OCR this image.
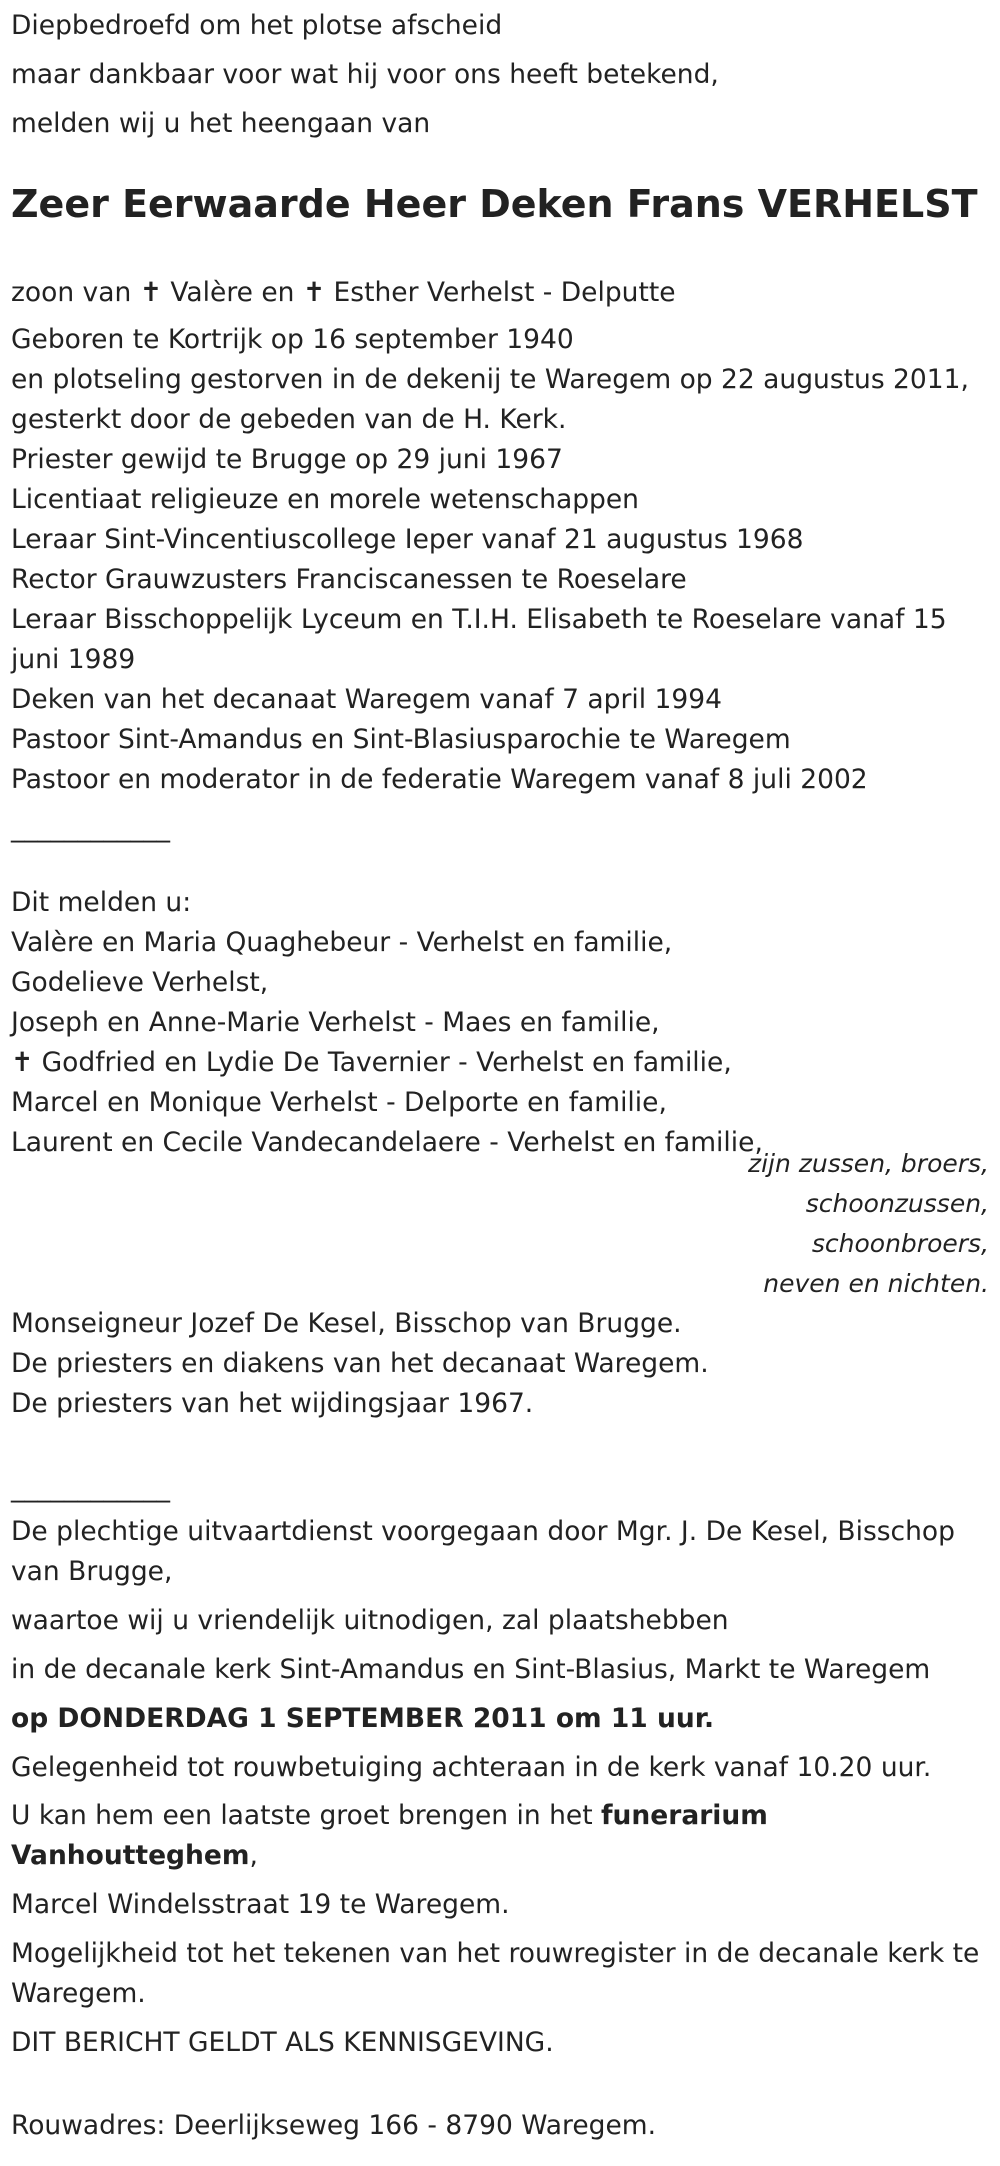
Diepbedroefd om het plotse afscheid
maar dankbaar voor wat hij voor ons heeft betekend,
melden wij u het heengaan van
Zeer Eerwaarde Heer Deken Frans VERHELST
zoon van ✝ Valère en ✝ Esther Verhelst - Delputte
Geboren te Kortrijk op 16 september 1940
en plotseling gestorven in de dekenij te Waregem op 22 augustus 2011,
gesterkt door de gebeden van de H. Kerk.
Priester gewijd te Brugge op 29 juni 1967
Licentiaat religieuze en morele wetenschappen
Leraar Sint-Vincentiuscollege Ieper vanaf 21 augustus 1968
Rector Grauwzusters Franciscanessen te Roeselare
Leraar Bisschoppelijk Lyceum en T.I.H. Elisabeth te Roeselare vanaf 15 juni 1989
Deken van het decanaat Waregem vanaf 7 april 1994
Pastoor Sint-Amandus en Sint-Blasiusparochie te Waregem
Pastoor en moderator in de federatie Waregem vanaf 8 juli 2002
____________
Dit melden u:
Valère en Maria Quaghebeur - Verhelst en familie,
Godelieve Verhelst,
Joseph en Anne-Marie Verhelst - Maes en familie,
✝ Godfried en Lydie De Tavernier - Verhelst en familie,
Marcel en Monique Verhelst - Delporte en familie,
Laurent en Cecile Vandecandelaere - Verhelst en familie,
zijn zussen, broers,
schoonzussen,
schoonbroers,
neven en nichten.
Monseigneur Jozef De Kesel, Bisschop van Brugge.
De priesters en diakens van het decanaat Waregem.
De priesters van het wijdingsjaar 1967.
____________
De plechtige uitvaartdienst voorgegaan door Mgr. J. De Kesel, Bisschop van Brugge,
waartoe wij u vriendelijk uitnodigen, zal plaatshebben
in de decanale kerk Sint-Amandus en Sint-Blasius, Markt te Waregem
op DONDERDAG 1 SEPTEMBER 2011 om 11 uur.
Gelegenheid tot rouwbetuiging achteraan in de kerk vanaf 10.20 uur.
U kan hem een laatste groet brengen in het funerarium Vanhoutteghem,
Marcel Windelsstraat 19 te Waregem.
Mogelijkheid tot het tekenen van het rouwregister in de decanale kerk te Waregem.
DIT BERICHT GELDT ALS KENNISGEVING.
Rouwadres: Deerlijkseweg 166 - 8790 Waregem.
